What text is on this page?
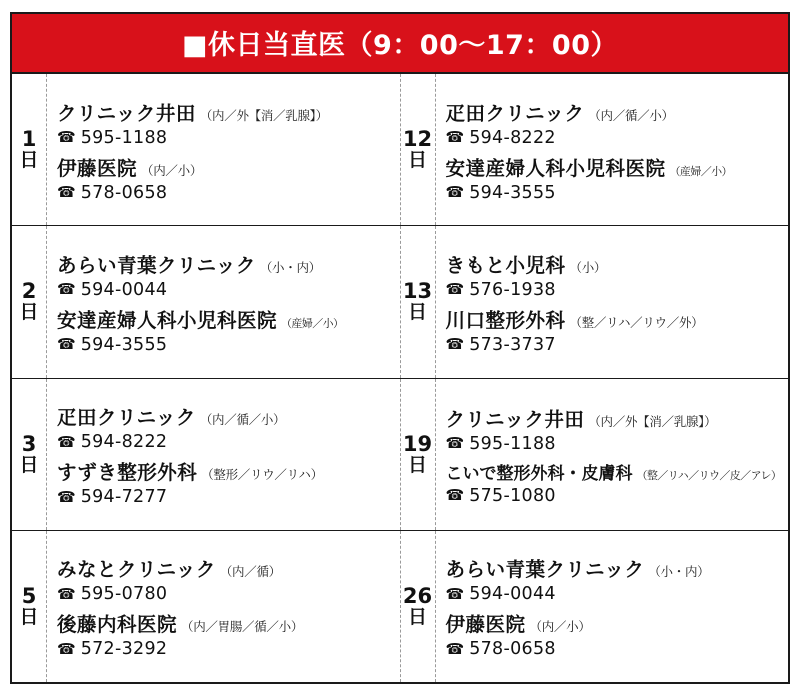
■休日当直医（9：00〜17：00）
1
日
クリニック井田 （内／外【消／乳腺】）
☎ 595-1188
伊藤医院 （内／小）
☎ 578-0658
12
日
疋田クリニック （内／循／小）
☎ 594-8222
安達産婦人科小児科医院 （産婦／小）
☎ 594-3555
2
日
あらい青葉クリニック （小・内）
☎ 594-0044
安達産婦人科小児科医院 （産婦／小）
☎ 594-3555
13
日
きもと小児科 （小）
☎ 576-1938
川口整形外科 （整／リハ／リウ／外）
☎ 573-3737
3
日
疋田クリニック （内／循／小）
☎ 594-8222
すずき整形外科 （整形／リウ／リハ）
☎ 594-7277
19
日
クリニック井田 （内／外【消／乳腺】）
☎ 595-1188
こいで整形外科・皮膚科 （整／リハ／リウ／皮／アレ）
☎ 575-1080
5
日
みなとクリニック （内／循）
☎ 595-0780
後藤内科医院 （内／胃腸／循／小）
☎ 572-3292
26
日
あらい青葉クリニック （小・内）
☎ 594-0044
伊藤医院 （内／小）
☎ 578-0658
